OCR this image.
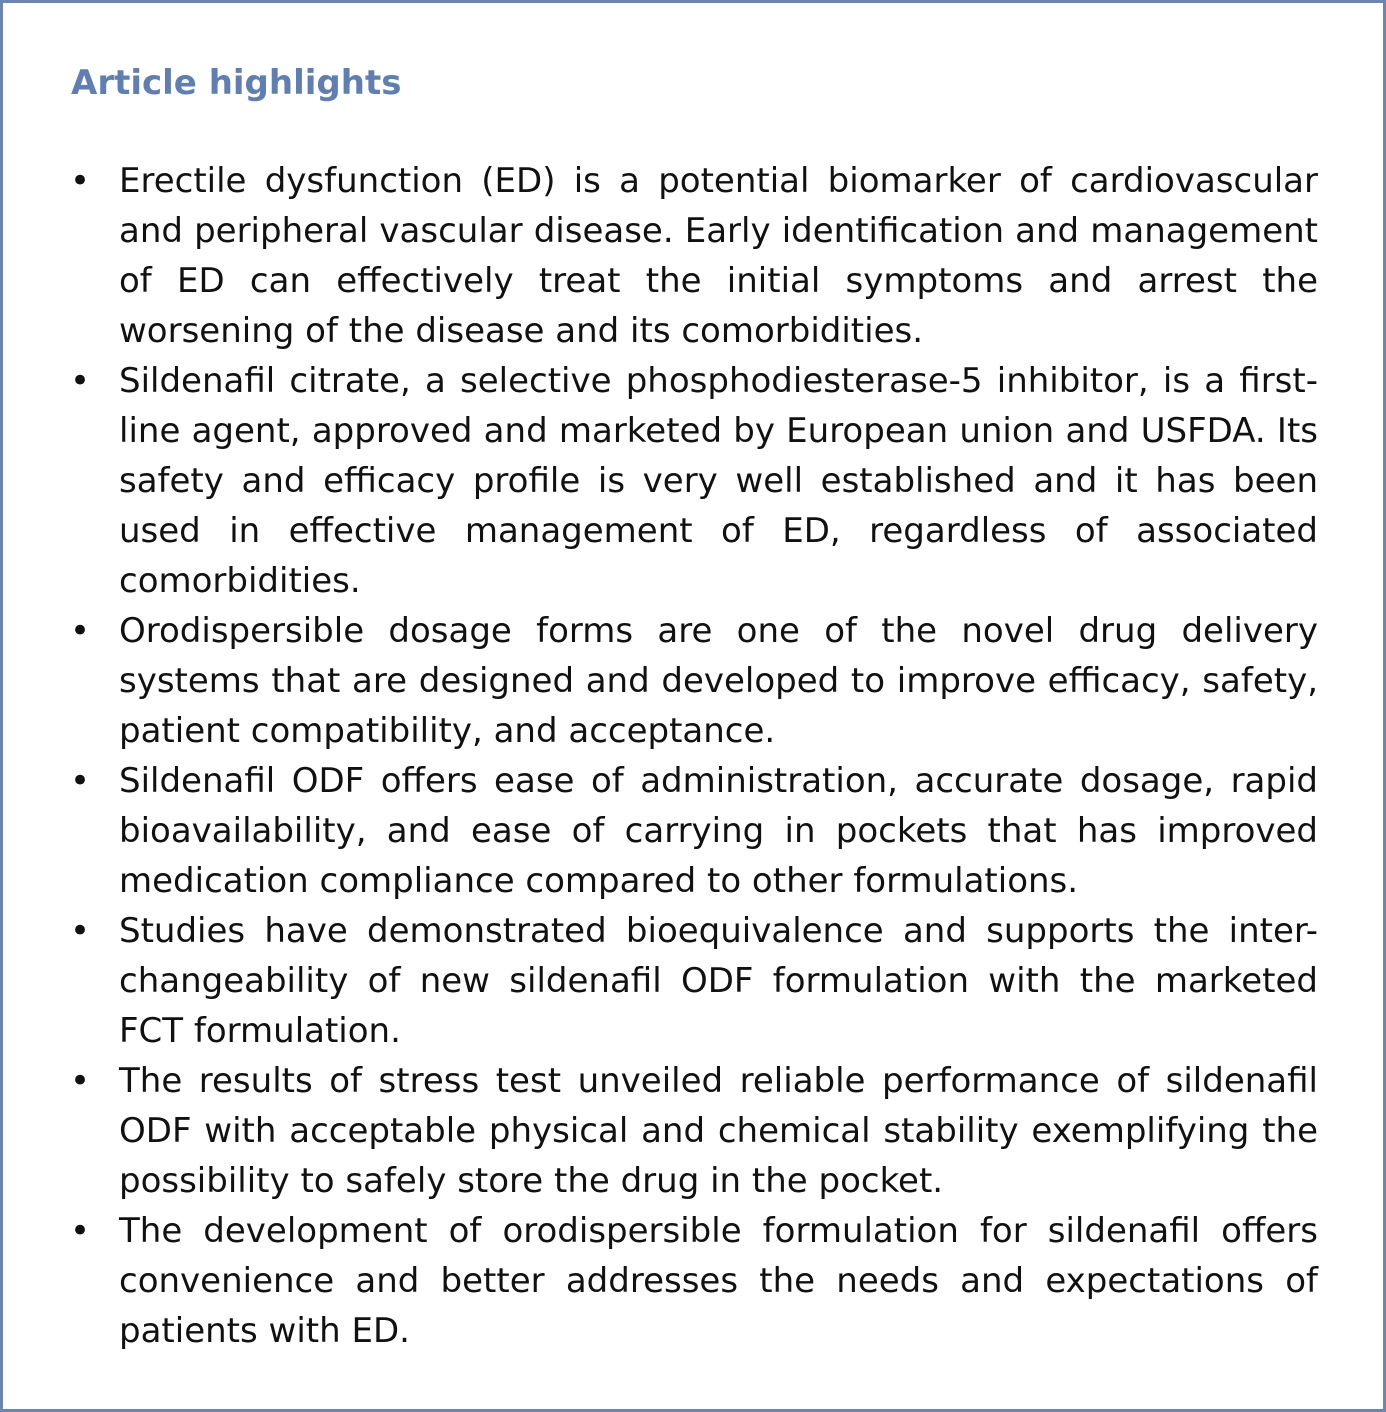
Article highlights
• Erectile dysfunction (ED) is a potential biomarker of cardiovascular and peripheral vascular disease. Early identification and management of ED can effectively treat the initial symptoms and arrest the worsening of the disease and its comorbidities.
• Sildenafil citrate, a selective phosphodiesterase-5 inhibitor, is a first-line agent, approved and marketed by European union and USFDA. Its safety and efficacy profile is very well established and it has been used in effective management of ED, regardless of associated comorbidities.
• Orodispersible dosage forms are one of the novel drug delivery systems that are designed and developed to improve efficacy, safety, patient compatibility, and acceptance.
• Sildenafil ODF offers ease of administration, accurate dosage, rapid bioavailability, and ease of carrying in pockets that has improved medication compliance compared to other formulations.
• Studies have demonstrated bioequivalence and supports the inter-changeability of new sildenafil ODF formulation with the marketed FCT formulation.
• The results of stress test unveiled reliable performance of sildenafil ODF with acceptable physical and chemical stability exemplifying the possibility to safely store the drug in the pocket.
• The development of orodispersible formulation for sildenafil offers convenience and better addresses the needs and expectations of patients with ED.
